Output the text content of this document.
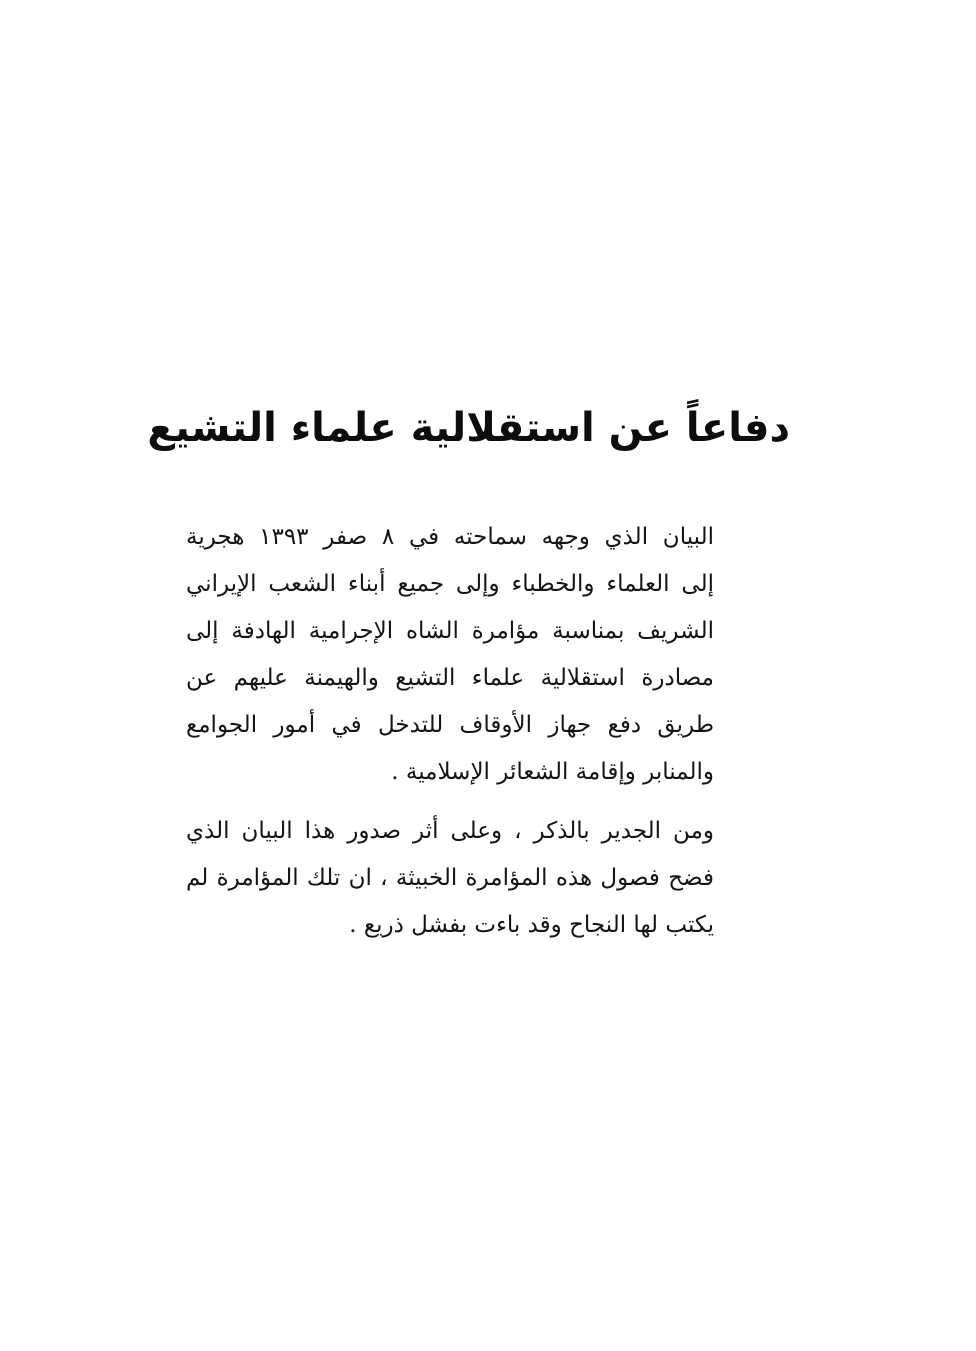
دفاعاً عن استقلالية علماء التشيع

البيان الذي وجهه سماحته في ٨ صفر ١٣٩٣ هجرية
إلى العلماء والخطباء وإلى جميع أبناء الشعب الإيراني
الشريف بمناسبة مؤامرة الشاه الإجرامية الهادفة إلى
مصادرة استقلالية علماء التشيع والهيمنة عليهم عن
طريق دفع جهاز الأوقاف للتدخل في أمور الجوامع
والمنابر وإقامة الشعائر الإسلامية .

ومن الجدير بالذكر ، وعلى أثر صدور هذا البيان الذي
فضح فصول هذه المؤامرة الخبيثة ، ان تلك المؤامرة لم
يكتب لها النجاح وقد باءت بفشل ذريع .
